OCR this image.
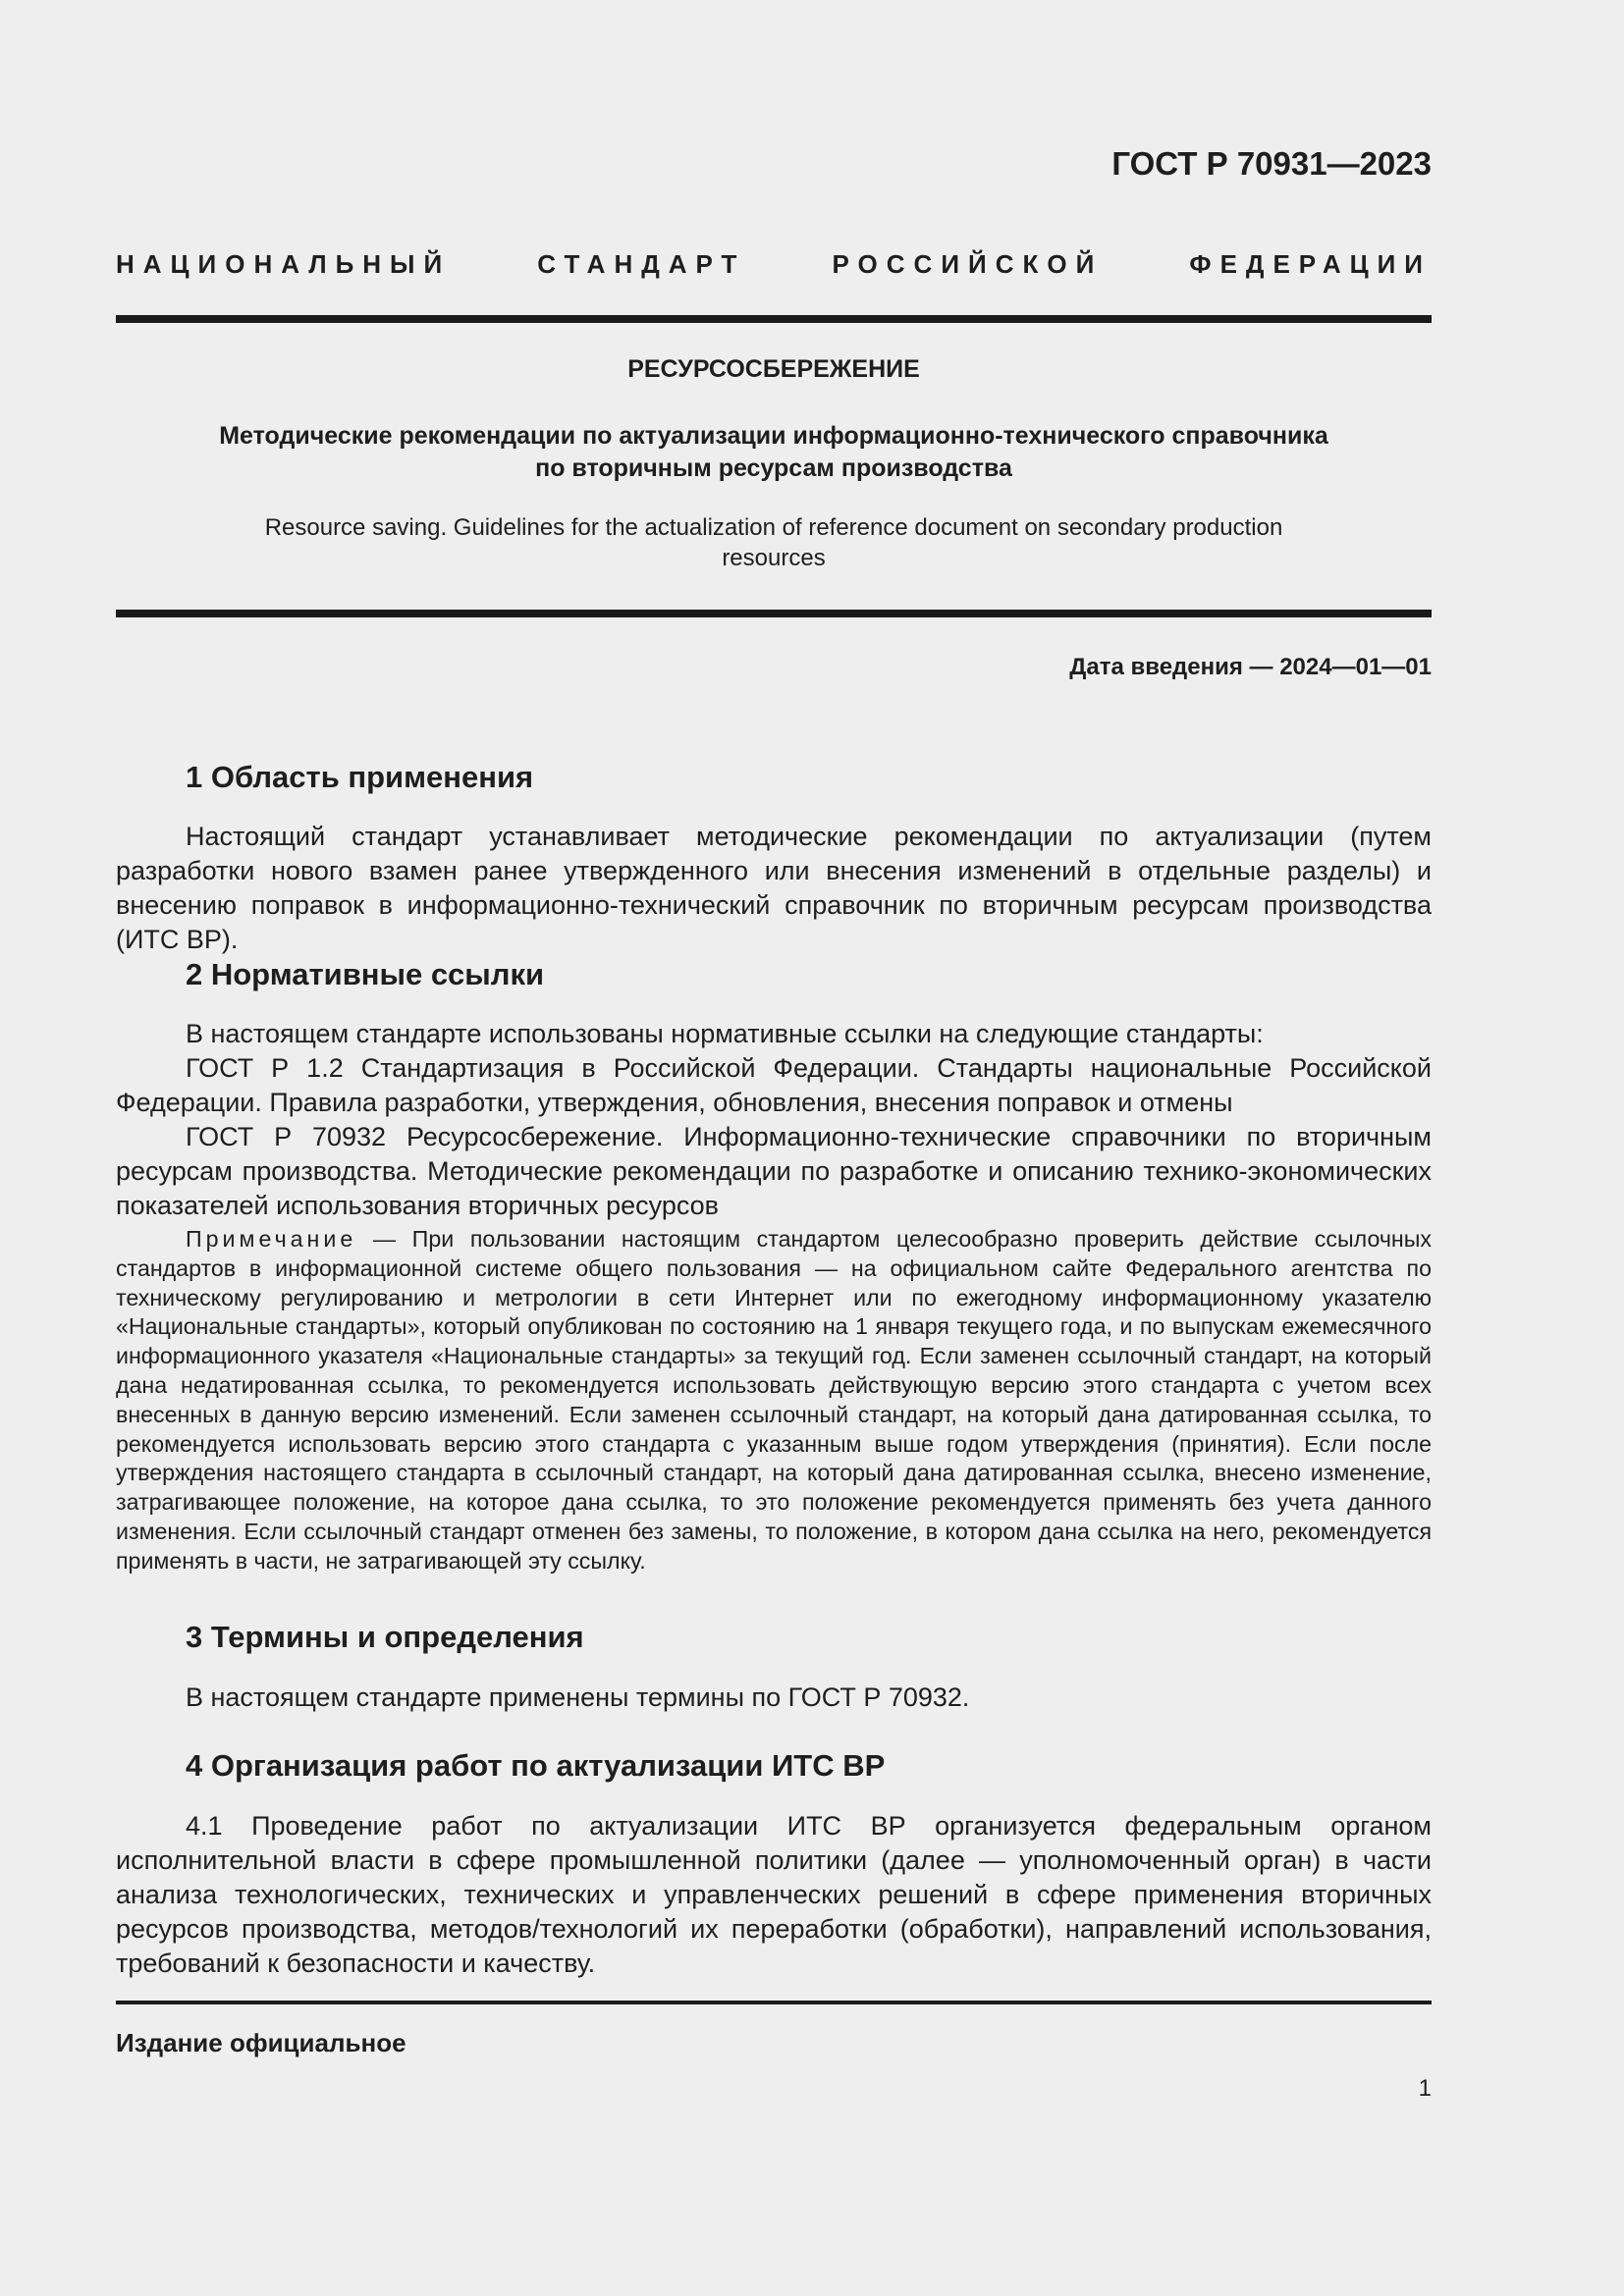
ГОСТ Р 70931—2023
НАЦИОНАЛЬНЫЙ СТАНДАРТ РОССИЙСКОЙ ФЕДЕРАЦИИ
РЕСУРСОСБЕРЕЖЕНИЕ
Методические рекомендации по актуализации информационно-технического справочника
по вторичным ресурсам производства
Resource saving. Guidelines for the actualization of reference document on secondary production
resources
Дата введения — 2024—01—01
1 Область применения
Настоящий стандарт устанавливает методические рекомендации по актуализации (путем разработки нового взамен ранее утвержденного или внесения изменений в отдельные разделы) и внесению поправок в информационно-технический справочник по вторичным ресурсам производства (ИТС ВР).
2 Нормативные ссылки

В настоящем стандарте использованы нормативные ссылки на следующие стандарты:

ГОСТ Р 1.2 Стандартизация в Российской Федерации. Стандарты национальные Российской Федерации. Правила разработки, утверждения, обновления, внесения поправок и отмены

ГОСТ Р 70932 Ресурсосбережение. Информационно-технические справочники по вторичным ресурсам производства. Методические рекомендации по разработке и описанию технико-экономических показателей использования вторичных ресурсов

Примечание — При пользовании настоящим стандартом целесообразно проверить действие ссылочных стандартов в информационной системе общего пользования — на официальном сайте Федерального агентства по техническому регулированию и метрологии в сети Интернет или по ежегодному информационному указателю «Национальные стандарты», который опубликован по состоянию на 1 января текущего года, и по выпускам ежемесячного информационного указателя «Национальные стандарты» за текущий год. Если заменен ссылочный стандарт, на который дана недатированная ссылка, то рекомендуется использовать действующую версию этого стандарта с учетом всех внесенных в данную версию изменений. Если заменен ссылочный стандарт, на который дана датированная ссылка, то рекомендуется использовать версию этого стандарта с указанным выше годом утверждения (принятия). Если после утверждения настоящего стандарта в ссылочный стандарт, на который дана датированная ссылка, внесено изменение, затрагивающее положение, на которое дана ссылка, то это положение рекомендуется применять без учета данного изменения. Если ссылочный стандарт отменен без замены, то положение, в котором дана ссылка на него, рекомендуется применять в части, не затрагивающей эту ссылку.
3 Термины и определения
В настоящем стандарте применены термины по ГОСТ Р 70932.
4 Организация работ по актуализации ИТС ВР
4.1 Проведение работ по актуализации ИТС ВР организуется федеральным органом исполнительной власти в сфере промышленной политики (далее — уполномоченный орган) в части анализа технологических, технических и управленческих решений в сфере применения вторичных ресурсов производства, методов/технологий их переработки (обработки), направлений использования, требований к безопасности и качеству.
Издание официальное
1
